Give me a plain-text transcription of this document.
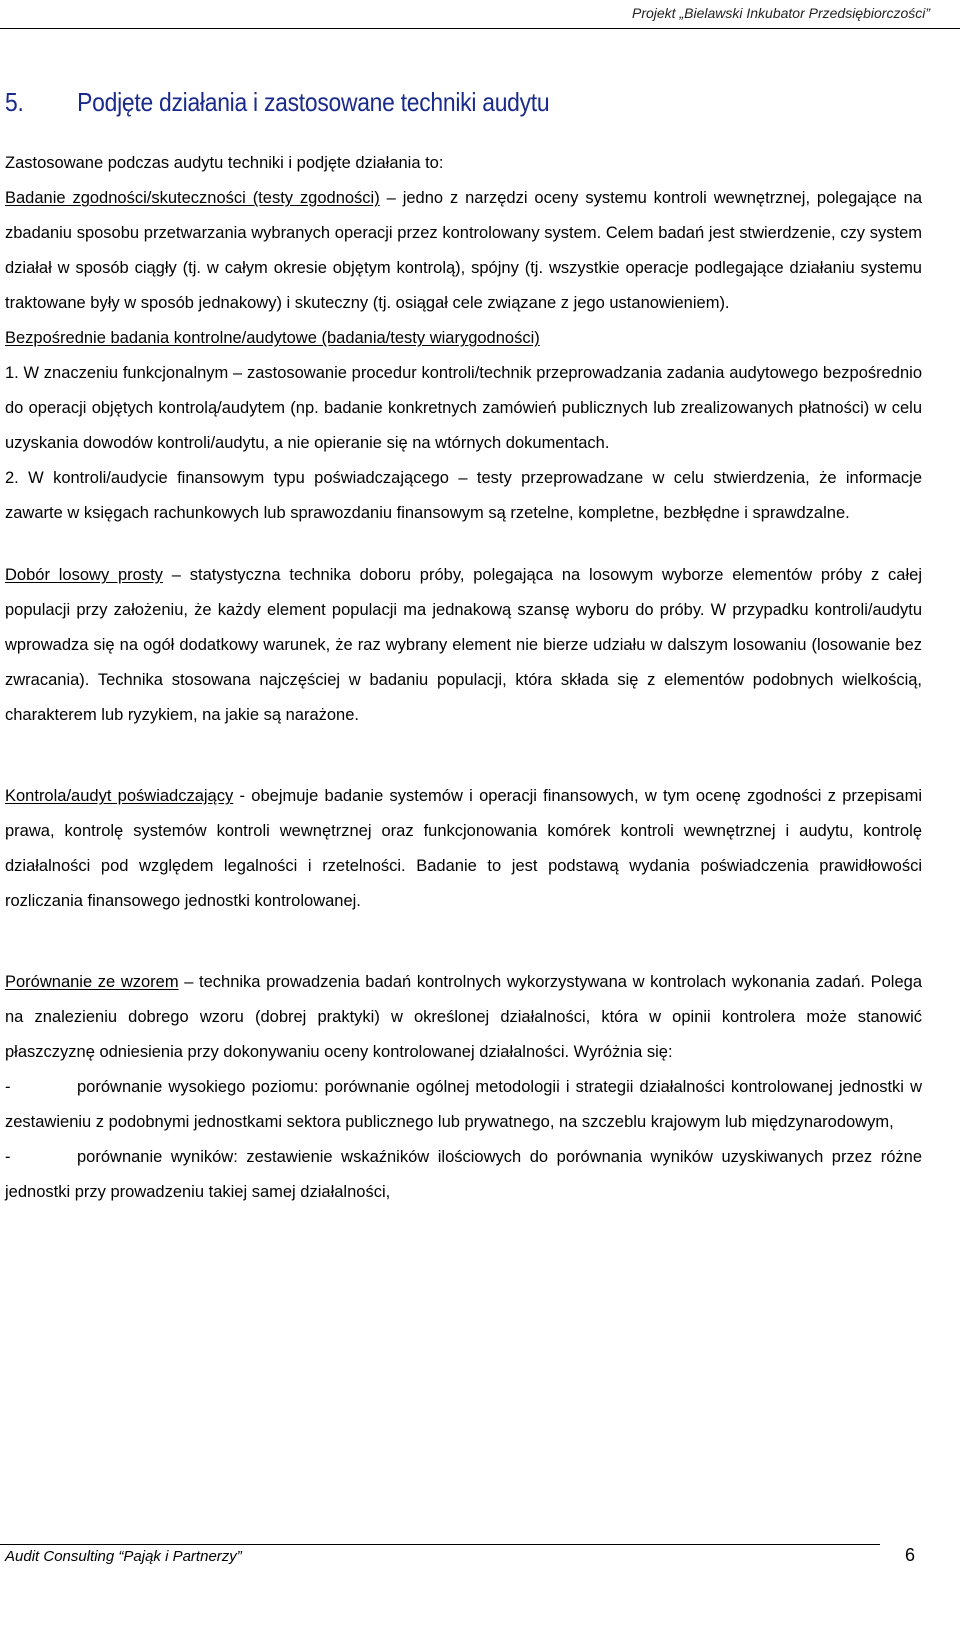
Projekt „Bielawski Inkubator Przedsiębiorczości”
5.	Podjęte działania i zastosowane techniki audytu

Zastosowane podczas audytu techniki i podjęte działania to:

Badanie zgodności/skuteczności (testy zgodności) – jedno z narzędzi oceny systemu kontroli wewnętrznej, polegające na zbadaniu sposobu przetwarzania wybranych operacji przez kontrolowany system. Celem badań jest stwierdzenie, czy system działał w sposób ciągły (tj. w całym okresie objętym kontrolą), spójny (tj. wszystkie operacje podlegające działaniu systemu traktowane były w sposób jednakowy) i skuteczny (tj. osiągał cele związane z jego ustanowieniem).

Bezpośrednie badania kontrolne/audytowe (badania/testy wiarygodności)

1. W znaczeniu funkcjonalnym – zastosowanie procedur kontroli/technik przeprowadzania zadania audytowego bezpośrednio do operacji objętych kontrolą/audytem (np. badanie konkretnych zamówień publicznych lub zrealizowanych płatności) w celu uzyskania dowodów kontroli/audytu, a nie opieranie się na wtórnych dokumentach.

2. W kontroli/audycie finansowym typu poświadczającego – testy przeprowadzane w celu stwierdzenia, że informacje zawarte w księgach rachunkowych lub sprawozdaniu finansowym są rzetelne, kompletne, bezbłędne i sprawdzalne.

Dobór losowy prosty – statystyczna technika doboru próby, polegająca na losowym wyborze elementów próby z całej populacji przy założeniu, że każdy element populacji ma jednakową szansę wyboru do próby. W przypadku kontroli/audytu wprowadza się na ogół dodatkowy warunek, że raz wybrany element nie bierze udziału w dalszym losowaniu (losowanie bez zwracania). Technika stosowana najczęściej w badaniu populacji, która składa się z elementów podobnych wielkością, charakterem lub ryzykiem, na jakie są narażone.

Kontrola/audyt poświadczający - obejmuje badanie systemów i operacji finansowych, w tym ocenę zgodności z przepisami prawa, kontrolę systemów kontroli wewnętrznej oraz funkcjonowania komórek kontroli wewnętrznej i audytu, kontrolę działalności pod względem legalności i rzetelności. Badanie to jest podstawą wydania poświadczenia prawidłowości rozliczania finansowego jednostki kontrolowanej.

Porównanie ze wzorem – technika prowadzenia badań kontrolnych wykorzystywana w kontrolach wykonania zadań. Polega na znalezieniu dobrego wzoru (dobrej praktyki) w określonej działalności, która w opinii kontrolera może stanowić płaszczyznę odniesienia przy dokonywaniu oceny kontrolowanej działalności. Wyróżnia się:

-	porównanie wysokiego poziomu: porównanie ogólnej metodologii i strategii działalności kontrolowanej jednostki w zestawieniu z podobnymi jednostkami sektora publicznego lub prywatnego, na szczeblu krajowym lub międzynarodowym,

-	porównanie wyników: zestawienie wskaźników ilościowych do porównania wyników uzyskiwanych przez różne jednostki przy prowadzeniu takiej samej działalności,

Audit Consulting “Pająk i Partnerzy”	6
